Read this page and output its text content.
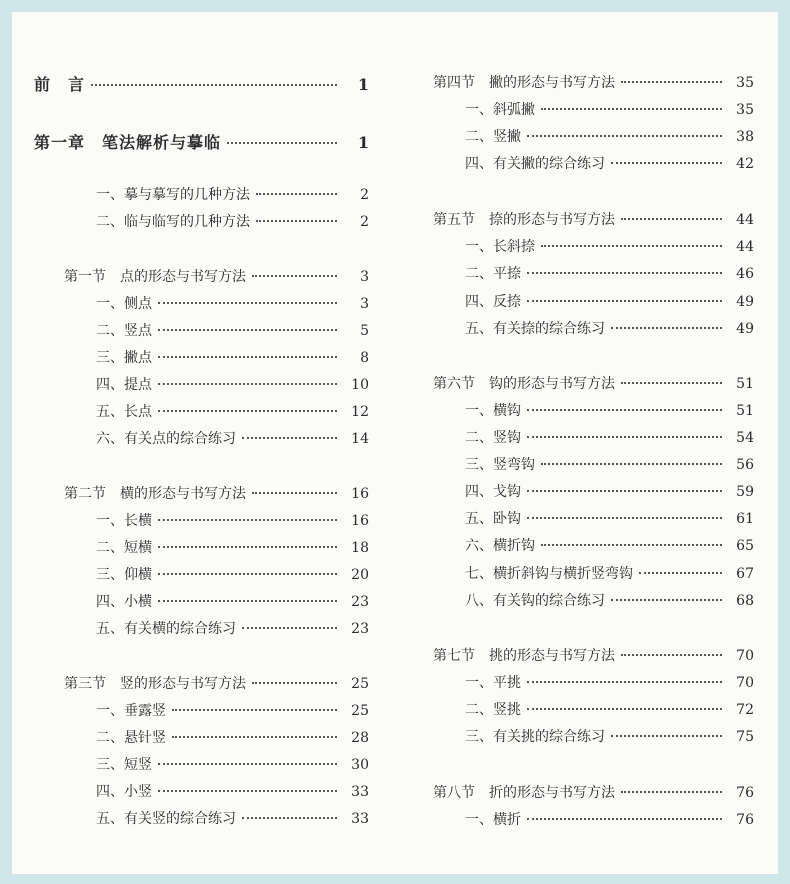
前　言	1
第一章　笔法解析与摹临	1
一、摹与摹写的几种方法	2
二、临与临写的几种方法	2
第一节　点的形态与书写方法	3
一、侧点	3
二、竖点	5
三、撇点	8
四、提点	10
五、长点	12
六、有关点的综合练习	14
第二节　横的形态与书写方法	16
一、长横	16
二、短横	18
三、仰横	20
四、小横	23
五、有关横的综合练习	23
第三节　竖的形态与书写方法	25
一、垂露竖	25
二、悬针竖	28
三、短竖	30
四、小竖	33
五、有关竖的综合练习	33
第四节　撇的形态与书写方法	35
一、斜弧撇	35
二、竖撇	38
四、有关撇的综合练习	42
第五节　捺的形态与书写方法	44
一、长斜捺	44
二、平捺	46
四、反捺	49
五、有关捺的综合练习	49
第六节　钩的形态与书写方法	51
一、横钩	51
二、竖钩	54
三、竖弯钩	56
四、戈钩	59
五、卧钩	61
六、横折钩	65
七、横折斜钩与横折竖弯钩	67
八、有关钩的综合练习	68
第七节　挑的形态与书写方法	70
一、平挑	70
二、竖挑	72
三、有关挑的综合练习	75
第八节　折的形态与书写方法	76
一、横折	76
